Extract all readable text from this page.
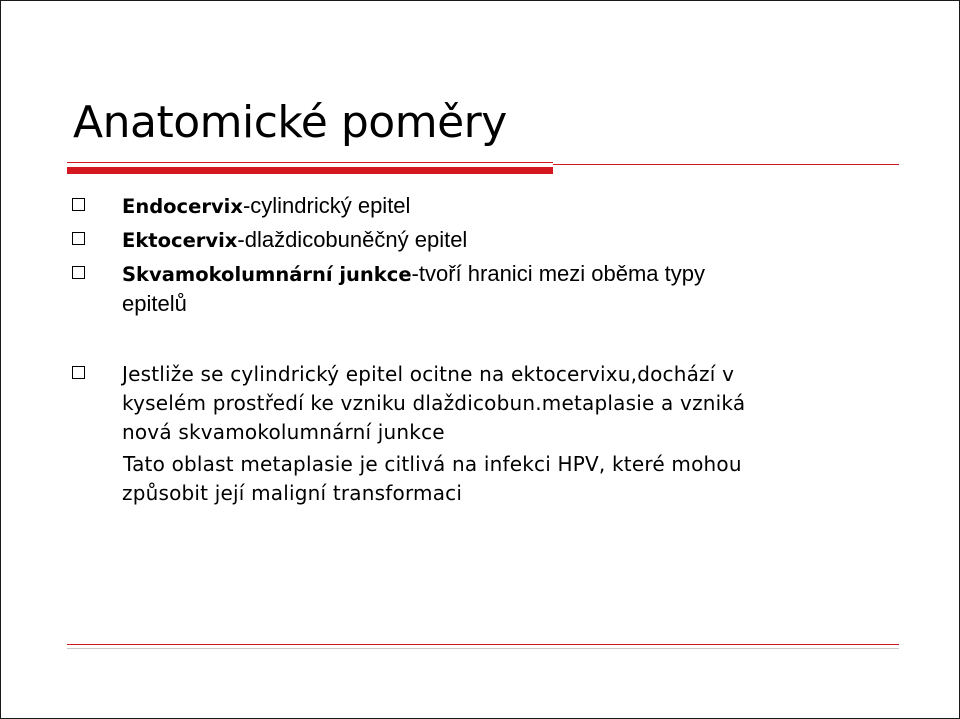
Anatomické poměry
Endocervix-cylindrický epitel
Ektocervix-dlaždicobuněčný epitel
Skvamokolumnární junkce-tvoří hranici mezi oběma typy
epitelů
Jestliže se cylindrický epitel ocitne na ektocervixu,dochází v
kyselém prostředí ke vzniku dlaždicobun.metaplasie a vzniká
nová skvamokolumnární junkce
Tato oblast metaplasie je citlivá na infekci HPV, které mohou
způsobit její maligní transformaci
